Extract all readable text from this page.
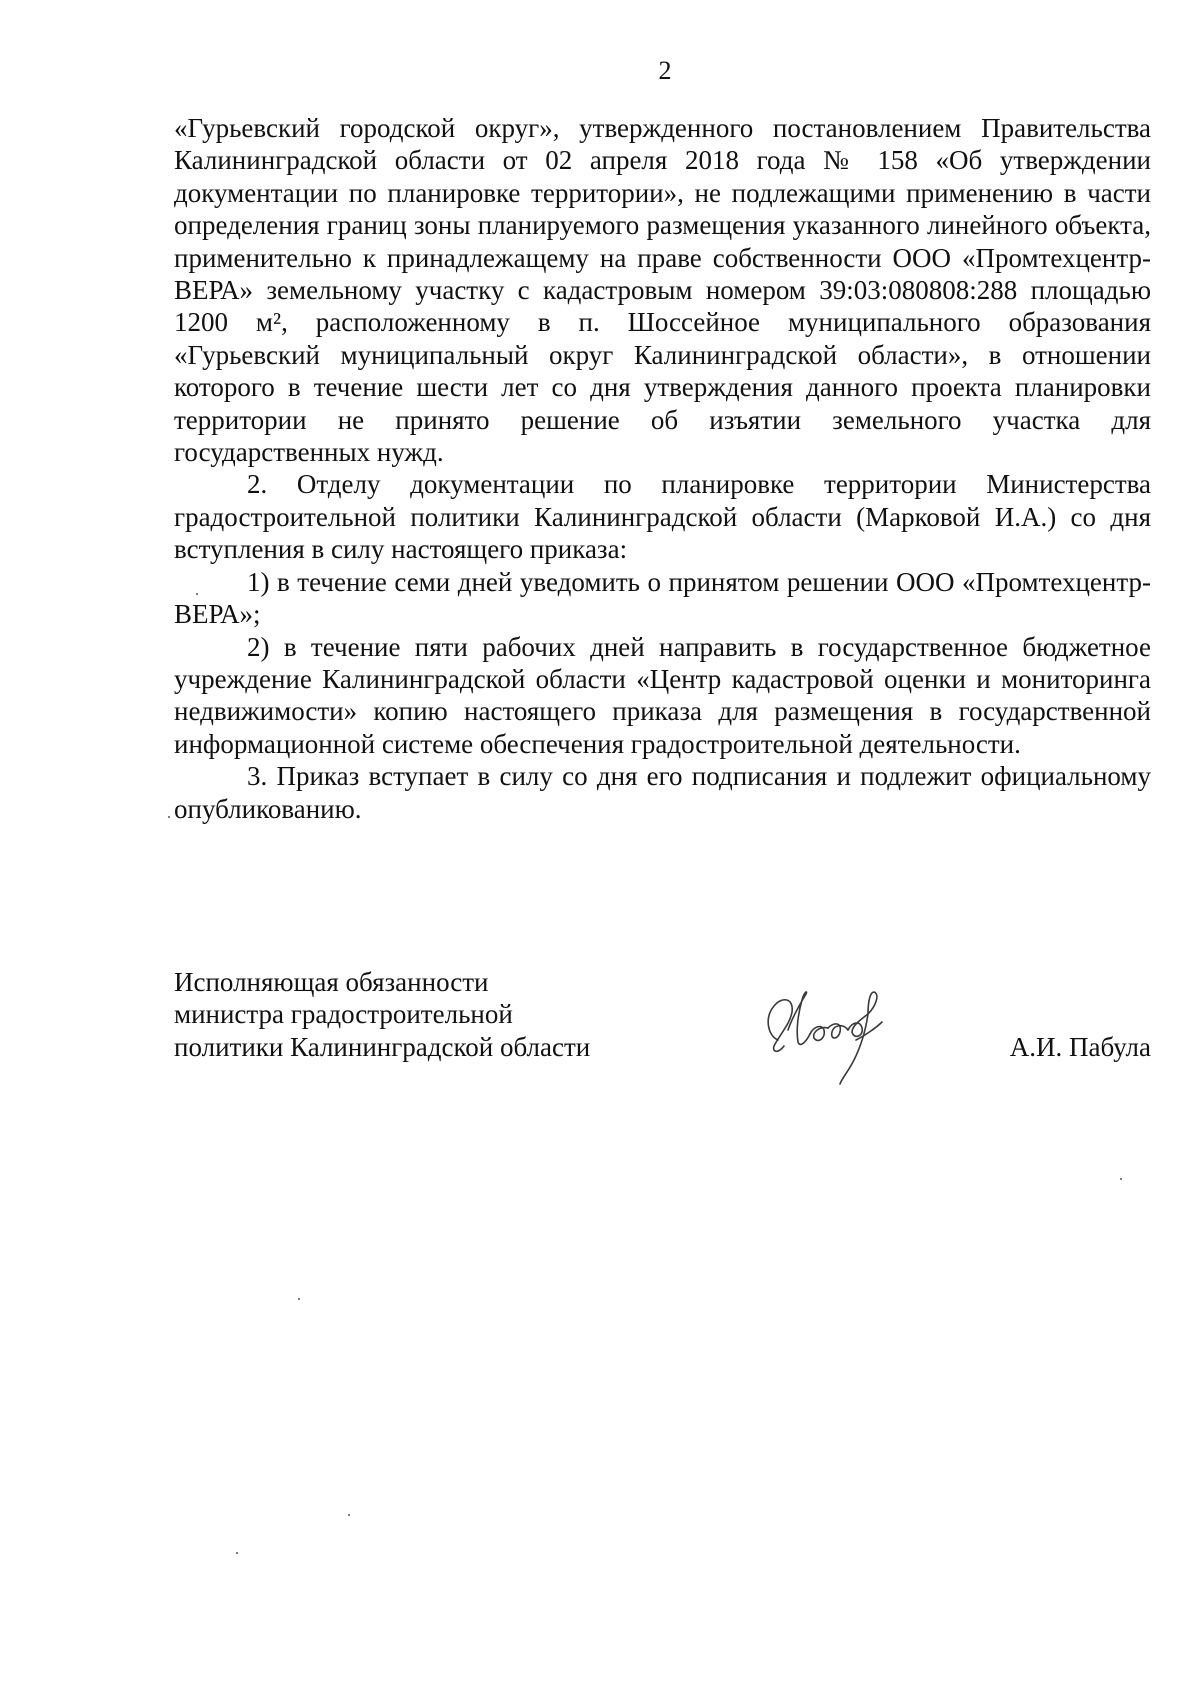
2

«Гурьевский городской округ», утвержденного постановлением Правительства Калининградской области от 02 апреля 2018 года № 158 «Об утверждении документации по планировке территории», не подлежащими применению в части определения границ зоны планируемого размещения указанного линейного объекта, применительно к принадлежащему на праве собственности ООО «Промтехцентр-ВЕРА» земельному участку с кадастровым номером 39:03:080808:288 площадью 1200 м², расположенному в п. Шоссейное муниципального образования «Гурьевский муниципальный округ Калининградской области», в отношении которого в течение шести лет со дня утверждения данного проекта планировки территории не принято решение об изъятии земельного участка для государственных нужд.

2. Отделу документации по планировке территории Министерства градостроительной политики Калининградской области (Марковой И.А.) со дня вступления в силу настоящего приказа:

1) в течение семи дней уведомить о принятом решении ООО «Промтехцентр-ВЕРА»;

2) в течение пяти рабочих дней направить в государственное бюджетное учреждение Калининградской области «Центр кадастровой оценки и мониторинга недвижимости» копию настоящего приказа для размещения в государственной информационной системе обеспечения градостроительной деятельности.

3. Приказ вступает в силу со дня его подписания и подлежит официальному опубликованию.

Исполняющая обязанности
министра градостроительной
политики Калининградской области	А.И. Пабула
